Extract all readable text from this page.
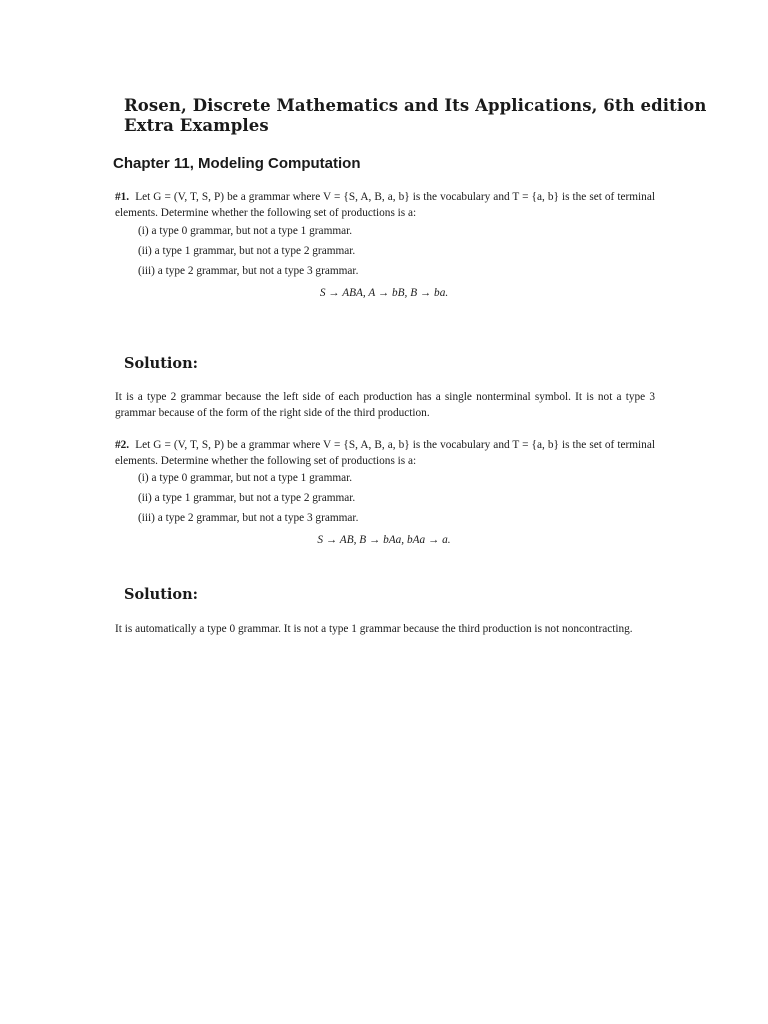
Rosen, Discrete Mathematics and Its Applications, 6th edition
Extra Examples
Chapter 11, Modeling Computation
#1. Let G = (V, T, S, P) be a grammar where V = {S, A, B, a, b} is the vocabulary and T = {a, b} is the set of terminal elements. Determine whether the following set of productions is a:
(i) a type 0 grammar, but not a type 1 grammar.
(ii) a type 1 grammar, but not a type 2 grammar.
(iii) a type 2 grammar, but not a type 3 grammar.
S → ABA, A → bB, B → ba.
Solution:
It is a type 2 grammar because the left side of each production has a single nonterminal symbol. It is not a type 3 grammar because of the form of the right side of the third production.
#2. Let G = (V, T, S, P) be a grammar where V = {S, A, B, a, b} is the vocabulary and T = {a, b} is the set of terminal elements. Determine whether the following set of productions is a:
(i) a type 0 grammar, but not a type 1 grammar.
(ii) a type 1 grammar, but not a type 2 grammar.
(iii) a type 2 grammar, but not a type 3 grammar.
S → AB, B → bAa, bAa → a.
Solution:
It is automatically a type 0 grammar. It is not a type 1 grammar because the third production is not noncontracting.
